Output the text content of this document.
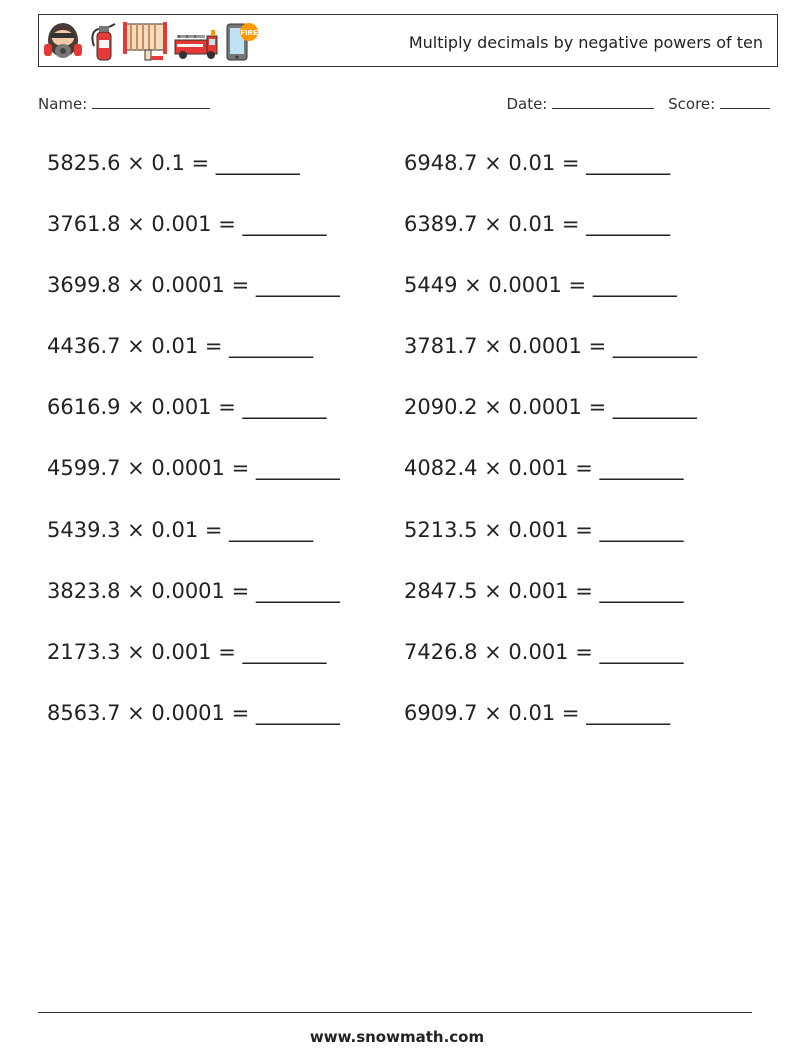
FIRE	Multiply decimals by negative powers of ten
Name:	Date:	Score:
5825.6 × 0.1 = ________	6948.7 × 0.01 = ________
3761.8 × 0.001 = ________	6389.7 × 0.01 = ________
3699.8 × 0.0001 = ________	5449 × 0.0001 = ________
4436.7 × 0.01 = ________	3781.7 × 0.0001 = ________
6616.9 × 0.001 = ________	2090.2 × 0.0001 = ________
4599.7 × 0.0001 = ________	4082.4 × 0.001 = ________
5439.3 × 0.01 = ________	5213.5 × 0.001 = ________
3823.8 × 0.0001 = ________	2847.5 × 0.001 = ________
2173.3 × 0.001 = ________	7426.8 × 0.001 = ________
8563.7 × 0.0001 = ________	6909.7 × 0.01 = ________
www.snowmath.com
